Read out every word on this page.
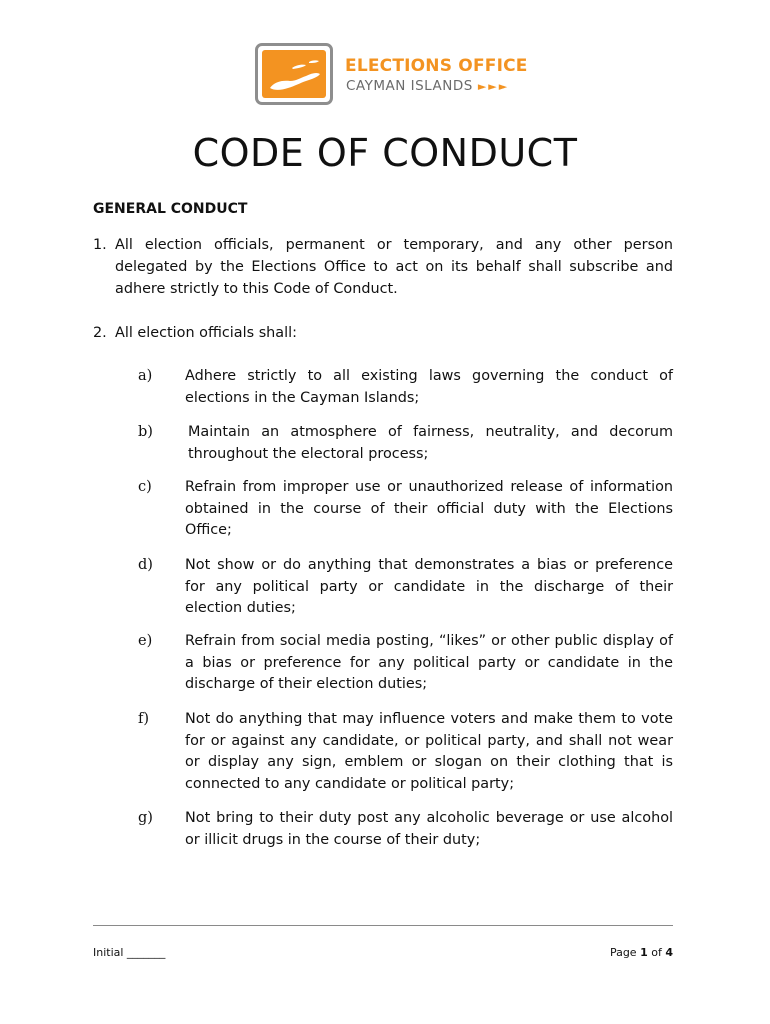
ELECTIONS OFFICE
CAYMAN ISLANDS ►►►
CODE OF CONDUCT
GENERAL CONDUCT
1. All election officials, permanent or temporary, and any other person delegated by the Elections Office to act on its behalf shall subscribe and adhere strictly to this Code of Conduct.
2. All election officials shall:
a) Adhere strictly to all existing laws governing the conduct of elections in the Cayman Islands;
b) Maintain an atmosphere of fairness, neutrality, and decorum throughout the electoral process;
c) Refrain from improper use or unauthorized release of information obtained in the course of their official duty with the Elections Office;
d) Not show or do anything that demonstrates a bias or preference for any political party or candidate in the discharge of their election duties;
e) Refrain from social media posting, “likes” or other public display of a bias or preference for any political party or candidate in the discharge of their election duties;
f) Not do anything that may influence voters and make them to vote for or against any candidate, or political party, and shall not wear or display any sign, emblem or slogan on their clothing that is connected to any candidate or political party;
g) Not bring to their duty post any alcoholic beverage or use alcohol or illicit drugs in the course of their duty;
Initial _______	Page 1 of 4
